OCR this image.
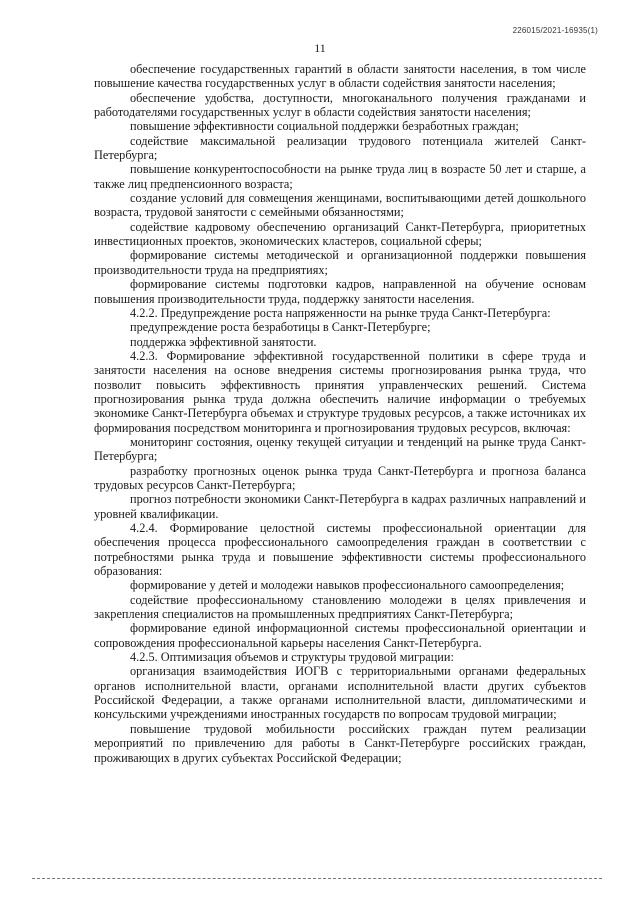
226015/2021-16935(1)
11

обеспечение государственных гарантий в области занятости населения, в том числе повышение качества государственных услуг в области содействия занятости населения;

обеспечение удобства, доступности, многоканального получения гражданами и работодателями государственных услуг в области содействия занятости населения;

повышение эффективности социальной поддержки безработных граждан;

содействие максимальной реализации трудового потенциала жителей Санкт-Петербурга;

повышение конкурентоспособности на рынке труда лиц в возрасте 50 лет и старше, а также лиц предпенсионного возраста;

создание условий для совмещения женщинами, воспитывающими детей дошкольного возраста, трудовой занятости с семейными обязанностями;

содействие кадровому обеспечению организаций Санкт-Петербурга, приоритетных инвестиционных проектов, экономических кластеров, социальной сферы;

формирование системы методической и организационной поддержки повышения производительности труда на предприятиях;

формирование системы подготовки кадров, направленной на обучение основам повышения производительности труда, поддержку занятости населения.

4.2.2. Предупреждение роста напряженности на рынке труда Санкт-Петербурга:

предупреждение роста безработицы в Санкт-Петербурге;

поддержка эффективной занятости.

4.2.3. Формирование эффективной государственной политики в сфере труда и занятости населения на основе внедрения системы прогнозирования рынка труда, что позволит повысить эффективность принятия управленческих решений. Система прогнозирования рынка труда должна обеспечить наличие информации о требуемых экономике Санкт-Петербурга объемах и структуре трудовых ресурсов, а также источниках их формирования посредством мониторинга и прогнозирования трудовых ресурсов, включая:

мониторинг состояния, оценку текущей ситуации и тенденций на рынке труда Санкт-Петербурга;

разработку прогнозных оценок рынка труда Санкт-Петербурга и прогноза баланса трудовых ресурсов Санкт-Петербурга;

прогноз потребности экономики Санкт-Петербурга в кадрах различных направлений и уровней квалификации.

4.2.4. Формирование целостной системы профессиональной ориентации для обеспечения процесса профессионального самоопределения граждан в соответствии с потребностями рынка труда и повышение эффективности системы профессионального образования:

формирование у детей и молодежи навыков профессионального самоопределения;

содействие профессиональному становлению молодежи в целях привлечения и закрепления специалистов на промышленных предприятиях Санкт-Петербурга;

формирование единой информационной системы профессиональной ориентации и сопровождения профессиональной карьеры населения Санкт-Петербурга.

4.2.5. Оптимизация объемов и структуры трудовой миграции:

организация взаимодействия ИОГВ с территориальными органами федеральных органов исполнительной власти, органами исполнительной власти других субъектов Российской Федерации, а также органами исполнительной власти, дипломатическими и консульскими учреждениями иностранных государств по вопросам трудовой миграции;

повышение трудовой мобильности российских граждан путем реализации мероприятий по привлечению для работы в Санкт-Петербурге российских граждан, проживающих в других субъектах Российской Федерации;
